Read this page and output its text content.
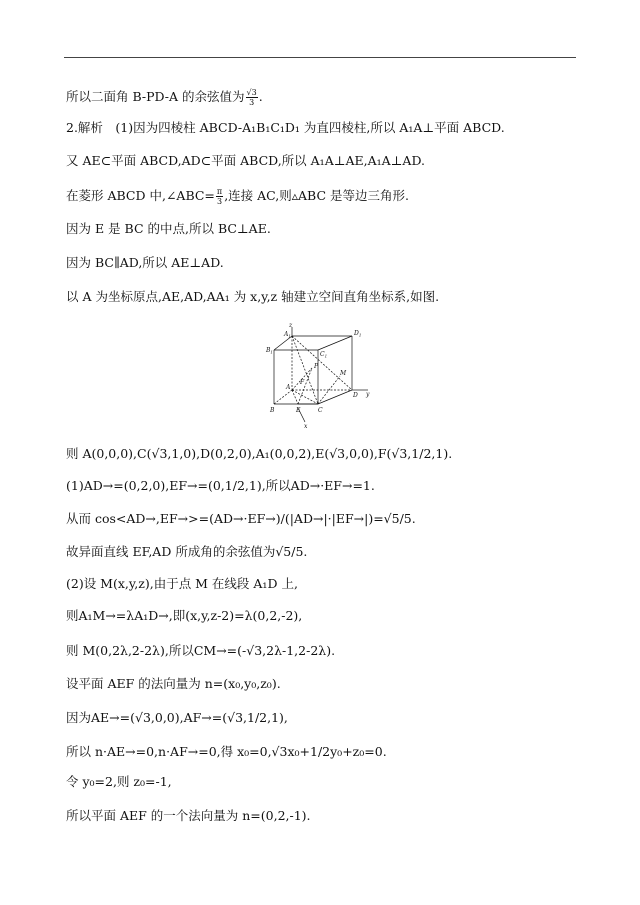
所以二面角 B-PD-A 的余弦值为 $\frac{√3}{3}$ .
2.解析　(1)因为四棱柱 ABCD-A₁B₁C₁D₁ 为直四棱柱,所以 A₁A⊥平面 ABCD.
又 AE⊂平面 ABCD,AD⊂平面 ABCD,所以 A₁A⊥AE,A₁A⊥AD.
在菱形 ABCD 中,∠ABC= $\frac{\pi}{3}$ ,连接 AC,则▵ABC 是等边三角形.
因为 E 是 BC 的中点,所以 BC⊥AE.
因为 BC∥AD,所以 AE⊥AD.
以 A 为坐标原点,AE,AD,AA₁ 为 x,y,z 轴建立空间直角坐标系,如图.
z
$A_1$	$D_1$
$B_1$	$C_1$
P
F
M
A
D
B	E	C
y
x
则 A(0,0,0),C(√3,1,0),D(0,2,0),A₁(0,0,2),E(√3,0,0),F(√3,1/2,1).
(1)AD→=(0,2,0),EF→=(0,1/2,1),所以AD→·EF→=1.
从而 cos<AD→,EF→>=(AD→·EF→)/(|AD→|·|EF→|)=√5/5.
故异面直线 EF,AD 所成角的余弦值为√5/5.
(2)设 M(x,y,z),由于点 M 在线段 A₁D 上,
则A₁M→=λA₁D→,即(x,y,z-2)=λ(0,2,-2),
则 M(0,2λ,2-2λ),所以CM→=(-√3,2λ-1,2-2λ).
设平面 AEF 的法向量为 n=(x₀,y₀,z₀).
因为AE→=(√3,0,0),AF→=(√3,1/2,1),
所以 n·AE→=0,n·AF→=0,得 x₀=0,√3x₀+1/2y₀+z₀=0.
令 y₀=2,则 z₀=-1,
所以平面 AEF 的一个法向量为 n=(0,2,-1).
